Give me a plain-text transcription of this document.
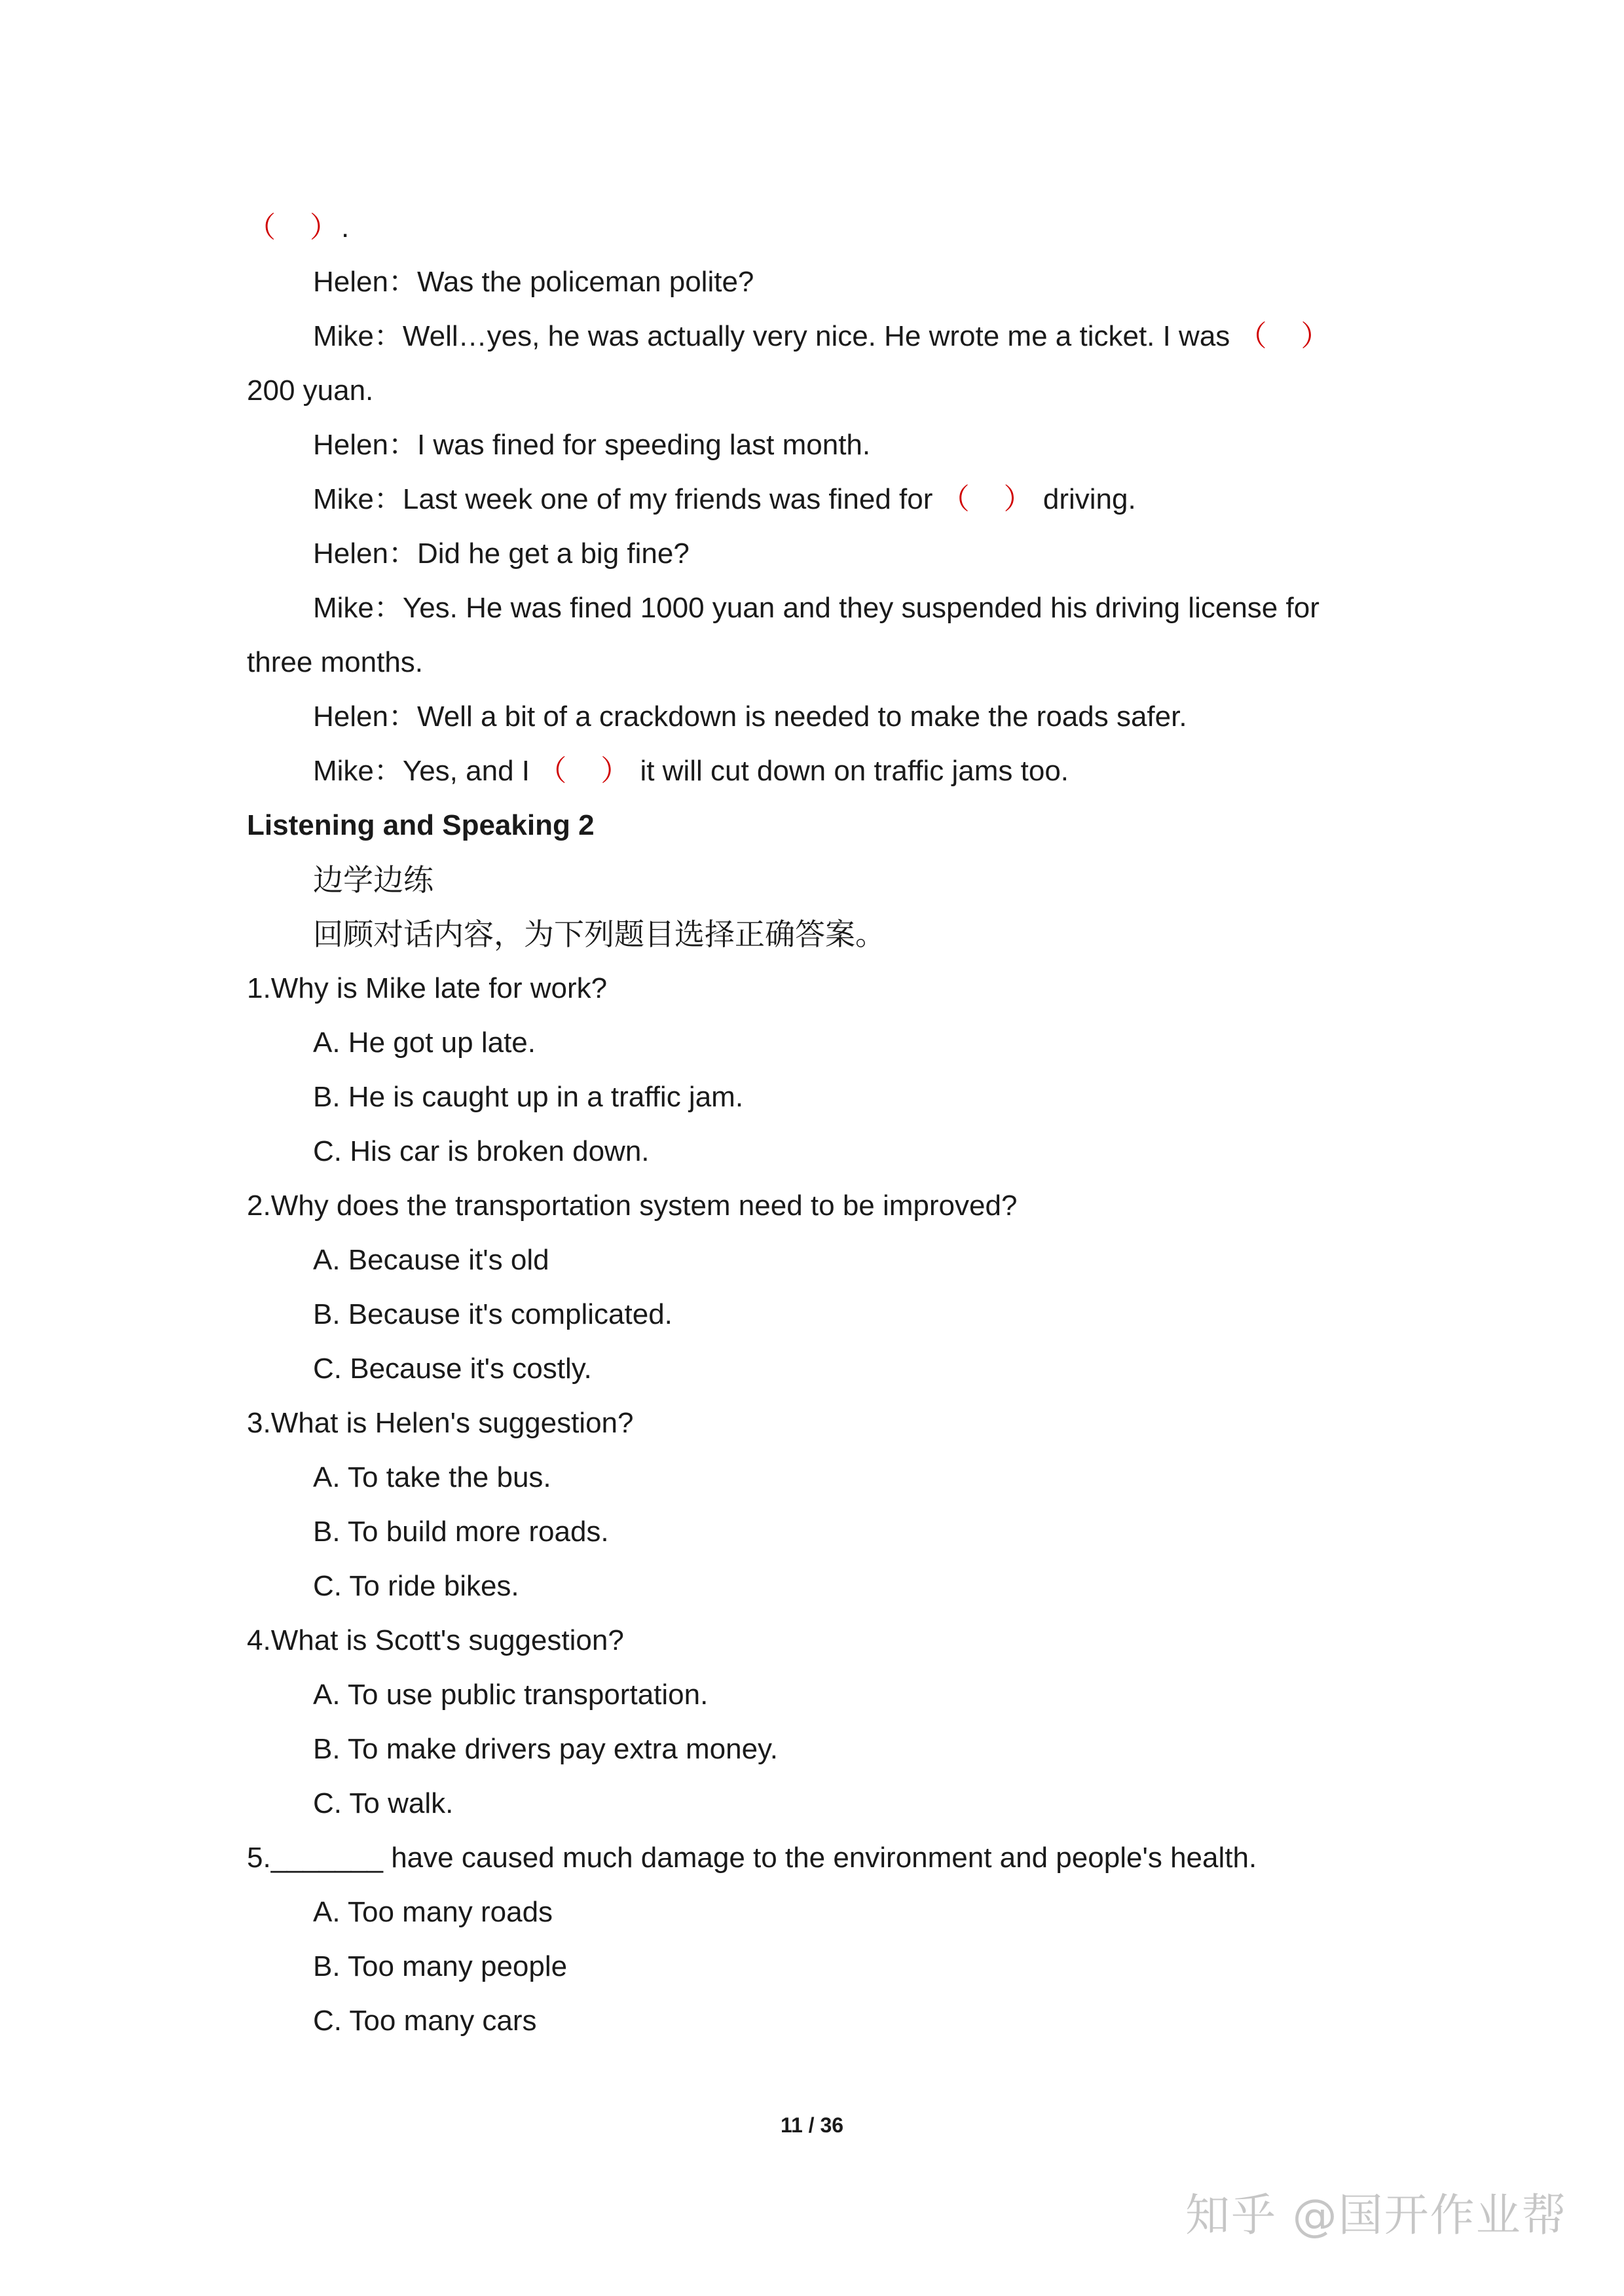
（　）.
Helen：Was the policeman polite?
Mike：Well…yes, he was actually very nice. He wrote me a ticket. I was （　）
200 yuan.
Helen：I was fined for speeding last month.
Mike：Last week one of my friends was fined for （　） driving.
Helen：Did he get a big fine?
Mike：Yes. He was fined 1000 yuan and they suspended his driving license for
three months.
Helen：Well a bit of a crackdown is needed to make the roads safer.
Mike：Yes, and I （　） it will cut down on traffic jams too.
Listening and Speaking 2
边学边练
回顾对话内容，为下列题目选择正确答案。
1.Why is Mike late for work?
A. He got up late.
B. He is caught up in a traffic jam.
C. His car is broken down.
2.Why does the transportation system need to be improved?
A. Because it's old
B. Because it's complicated.
C. Because it's costly.
3.What is Helen's suggestion?
A. To take the bus.
B. To build more roads.
C. To ride bikes.
4.What is Scott's suggestion?
A. To use public transportation.
B. To make drivers pay extra money.
C. To walk.
5._______ have caused much damage to the environment and people's health.
A. Too many roads
B. Too many people
C. Too many cars
11 / 36
知乎 @国开作业帮
